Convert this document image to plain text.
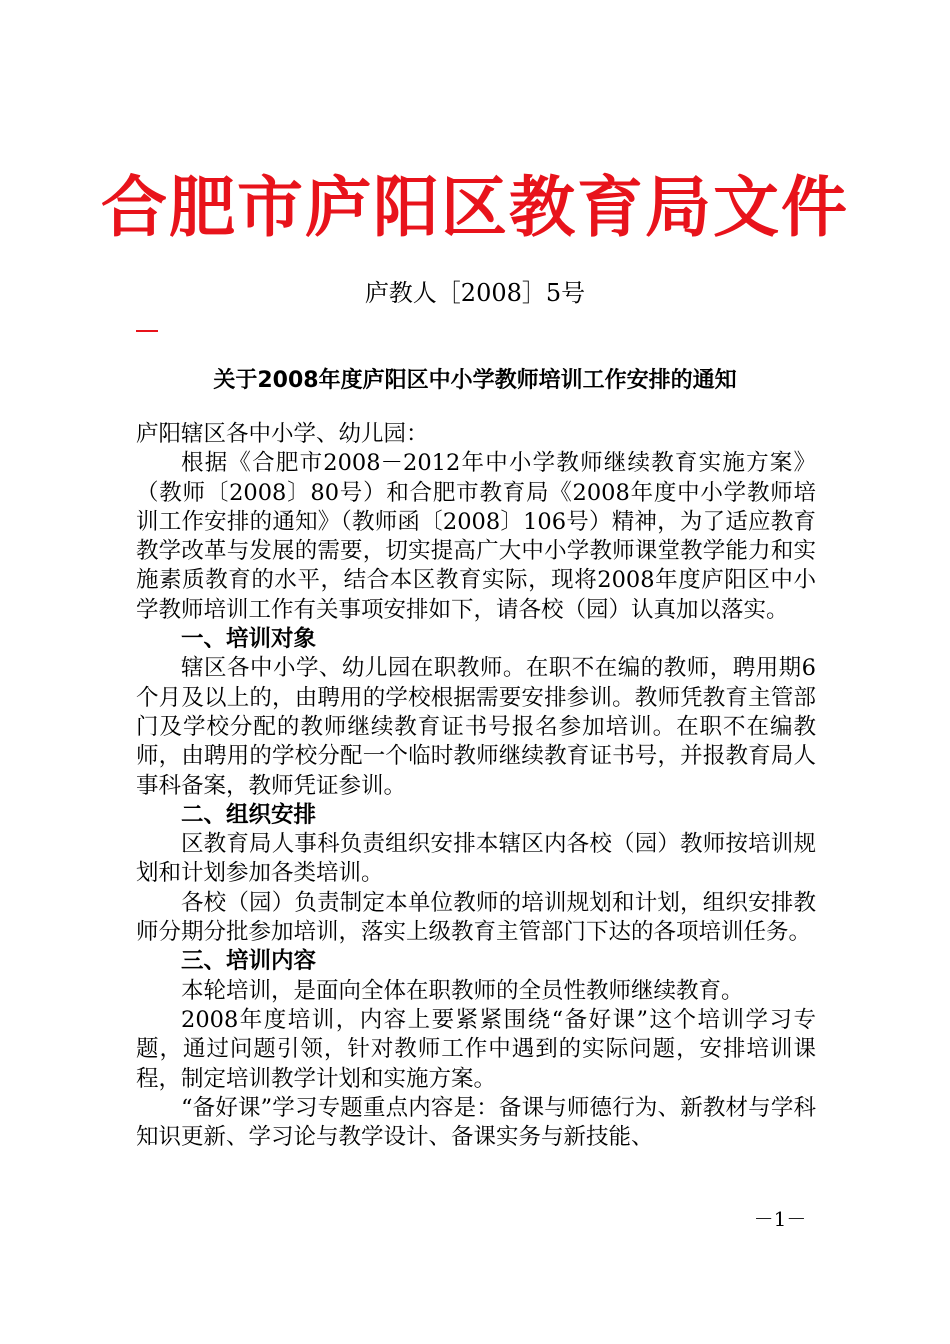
合肥市庐阳区教育局文件
庐教人［2008］5号
关于2008年度庐阳区中小学教师培训工作安排的通知

庐阳辖区各中小学、幼儿园：

根据《合肥市2008－2012年中小学教师继续教育实施方案》（教师〔2008〕80号）和合肥市教育局《2008年度中小学教师培训工作安排的通知》（教师函〔2008〕106号）精神，为了适应教育教学改革与发展的需要，切实提高广大中小学教师课堂教学能力和实施素质教育的水平，结合本区教育实际，现将2008年度庐阳区中小学教师培训工作有关事项安排如下，请各校（园）认真加以落实。

一、培训对象

辖区各中小学、幼儿园在职教师。在职不在编的教师，聘用期6个月及以上的，由聘用的学校根据需要安排参训。教师凭教育主管部门及学校分配的教师继续教育证书号报名参加培训。在职不在编教师，由聘用的学校分配一个临时教师继续教育证书号，并报教育局人事科备案，教师凭证参训。

二、组织安排

区教育局人事科负责组织安排本辖区内各校（园）教师按培训规划和计划参加各类培训。

各校（园）负责制定本单位教师的培训规划和计划，组织安排教师分期分批参加培训，落实上级教育主管部门下达的各项培训任务。

三、培训内容

本轮培训，是面向全体在职教师的全员性教师继续教育。

2008年度培训，内容上要紧紧围绕“备好课”这个培训学习专题，通过问题引领，针对教师工作中遇到的实际问题，安排培训课程，制定培训教学计划和实施方案。

“备好课”学习专题重点内容是：备课与师德行为、新教材与学科知识更新、学习论与教学设计、备课实务与新技能、

－1－
